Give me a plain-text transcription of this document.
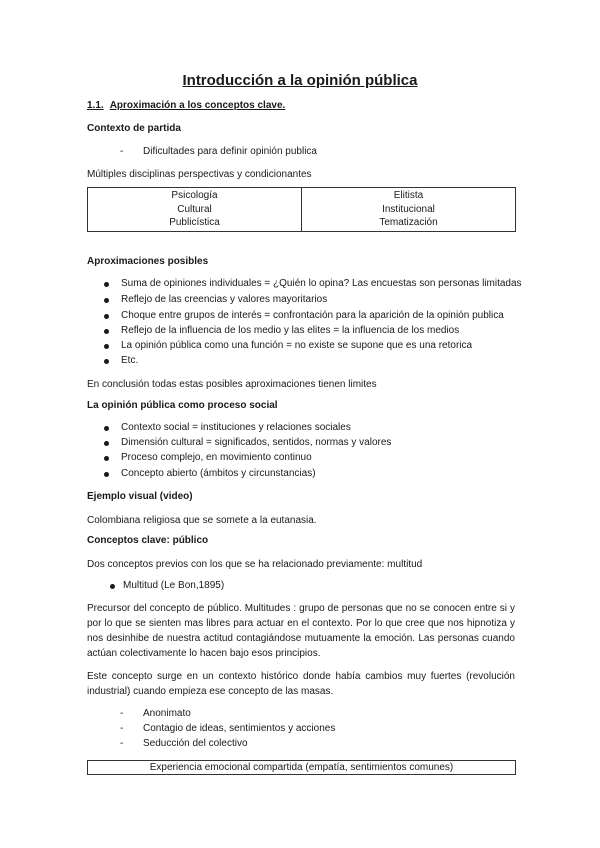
Introducción a la opinión pública
1.1. Aproximación a los conceptos clave.
Contexto de partida
- Dificultades para definir opinión publica
Múltiples disciplinas perspectivas y condicionantes
Psicología
Cultural
Publicística

Elitista
Institucional
Tematización
Aproximaciones posibles
Suma de opiniones individuales = ¿Quién lo opina? Las encuestas son personas limitadas
Reflejo de las creencias y valores mayoritarios
Choque entre grupos de interés = confrontación para la aparición de la opinión publica
Reflejo de la influencia de los medio y las elites = la influencia de los medios
La opinión pública como una función = no existe se supone que es una retorica
Etc.
En conclusión todas estas posibles aproximaciones tienen limites
La opinión pública como proceso social
Contexto social = instituciones y relaciones sociales
Dimensión cultural = significados, sentidos, normas y valores
Proceso complejo, en movimiento continuo
Concepto abierto (ámbitos y circunstancias)
Ejemplo visual (video)
Colombiana religiosa que se somete a la eutanasia.
Conceptos clave: público
Dos conceptos previos con los que se ha relacionado previamente: multitud
Multitud (Le Bon,1895)
Precursor del concepto de público. Multitudes : grupo de personas que no se conocen entre si y por lo que se sienten mas libres para actuar en el contexto. Por lo que cree que nos hipnotiza y nos desinhibe de nuestra actitud contagiándose mutuamente la emoción. Las personas cuando actúan colectivamente lo hacen bajo esos principios.
Este concepto surge en un contexto histórico donde había cambios muy fuertes (revolución industrial) cuando empieza ese concepto de las masas.
- Anonimato
- Contagio de ideas, sentimientos y acciones
- Seducción del colectivo
Experiencia emocional compartida (empatía, sentimientos comunes)
